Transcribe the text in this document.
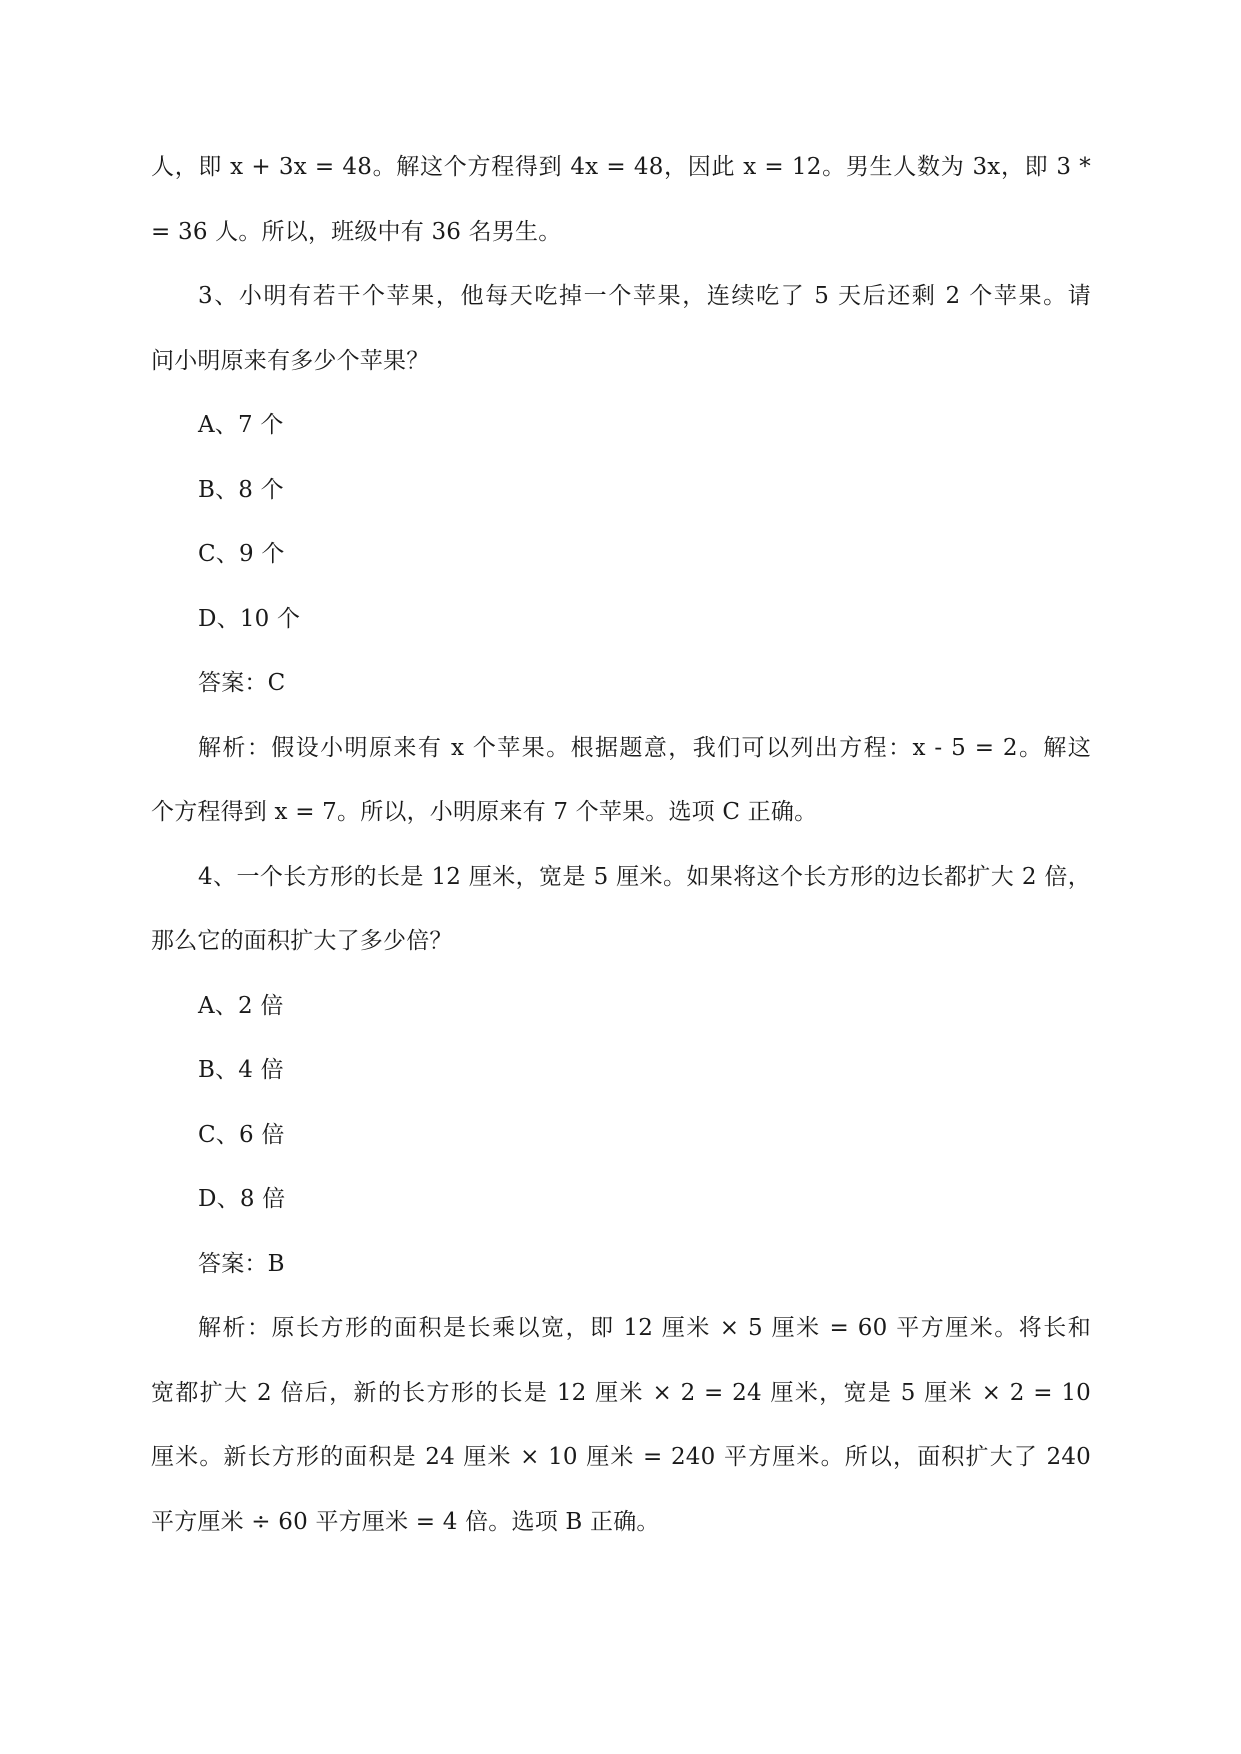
人，即 x + 3x = 48。解这个方程得到 4x = 48，因此 x = 12。男生人数为 3x，即 3 *
= 36 人。所以，班级中有 36 名男生。
3、小明有若干个苹果，他每天吃掉一个苹果，连续吃了 5 天后还剩 2 个苹果。请
问小明原来有多少个苹果？
A、7 个
B、8 个
C、9 个
D、10 个
答案：C
解析：假设小明原来有 x 个苹果。根据题意，我们可以列出方程：x - 5 = 2。解这
个方程得到 x = 7。所以，小明原来有 7 个苹果。选项 C 正确。
4、一个长方形的长是 12 厘米，宽是 5 厘米。如果将这个长方形的边长都扩大 2 倍，
那么它的面积扩大了多少倍？
A、2 倍
B、4 倍
C、6 倍
D、8 倍
答案：B
解析：原长方形的面积是长乘以宽，即 12 厘米 × 5 厘米 = 60 平方厘米。将长和
宽都扩大 2 倍后，新的长方形的长是 12 厘米 × 2 = 24 厘米，宽是 5 厘米 × 2 = 10
厘米。新长方形的面积是 24 厘米 × 10 厘米 = 240 平方厘米。所以，面积扩大了 240
平方厘米 ÷ 60 平方厘米 = 4 倍。选项 B 正确。
